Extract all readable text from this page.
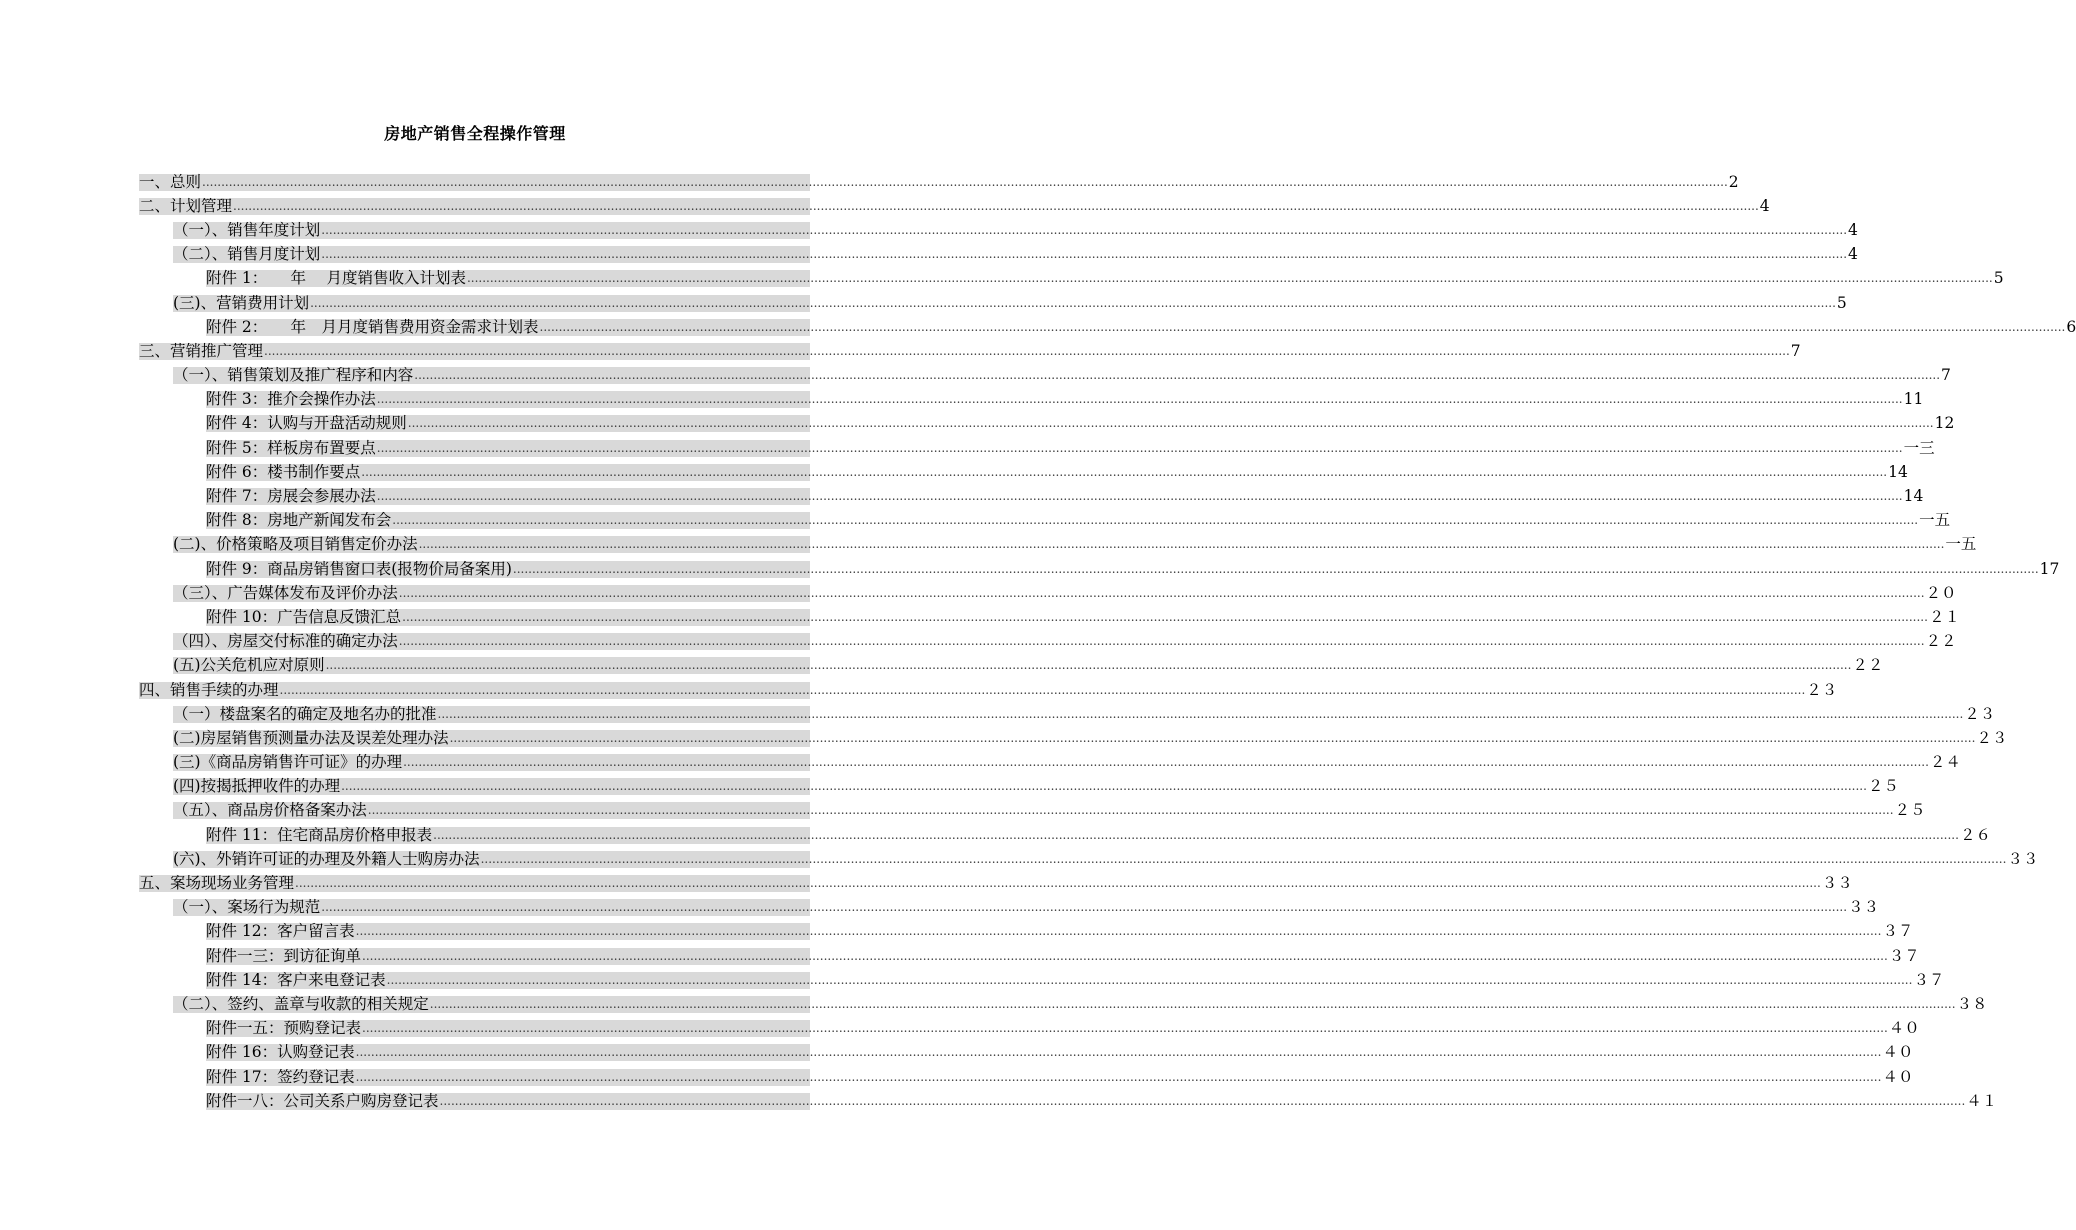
房地产销售全程操作管理
一、总则 ................................................................................................................................................................................................................................................................................................................................................................................................................ 2
二、计划管理 ................................................................................................................................................................................................................................................................................................................................................................................................................ 4
（一）、销售年度计划 ................................................................................................................................................................................................................................................................................................................................................................................................................ 4
（二）、销售月度计划 ................................................................................................................................................................................................................................................................................................................................................................................................................ 4
附件 1：　　年　 月度销售收入计划表 ................................................................................................................................................................................................................................................................................................................................................................................................................ 5
(三)、营销费用计划 ................................................................................................................................................................................................................................................................................................................................................................................................................ 5
附件 2：　　年　月月度销售费用资金需求计划表 ................................................................................................................................................................................................................................................................................................................................................................................................................ 6
三、营销推广管理 ................................................................................................................................................................................................................................................................................................................................................................................................................ 7
（一）、销售策划及推广程序和内容 ................................................................................................................................................................................................................................................................................................................................................................................................................ 7
附件 3：推介会操作办法 ................................................................................................................................................................................................................................................................................................................................................................................................................ 11
附件 4：认购与开盘活动规则 ................................................................................................................................................................................................................................................................................................................................................................................................................ 12
附件 5：样板房布置要点 ................................................................................................................................................................................................................................................................................................................................................................................................................ 一三
附件 6：楼书制作要点 ................................................................................................................................................................................................................................................................................................................................................................................................................ 14
附件 7：房展会参展办法 ................................................................................................................................................................................................................................................................................................................................................................................................................ 14
附件 8：房地产新闻发布会 ................................................................................................................................................................................................................................................................................................................................................................................................................ 一五
(二)、价格策略及项目销售定价办法 ................................................................................................................................................................................................................................................................................................................................................................................................................ 一五
附件 9：商品房销售窗口表(报物价局备案用) ................................................................................................................................................................................................................................................................................................................................................................................................................ 17
（三）、广告媒体发布及评价办法 ................................................................................................................................................................................................................................................................................................................................................................................................................ ２０
附件 10：广告信息反馈汇总 ................................................................................................................................................................................................................................................................................................................................................................................................................ ２１
（四）、房屋交付标准的确定办法 ................................................................................................................................................................................................................................................................................................................................................................................................................ ２２
(五)公关危机应对原则 ................................................................................................................................................................................................................................................................................................................................................................................................................ ２２
四、销售手续的办理 ................................................................................................................................................................................................................................................................................................................................................................................................................ ２３
（一）楼盘案名的确定及地名办的批准 ................................................................................................................................................................................................................................................................................................................................................................................................................ ２３
(二)房屋销售预测量办法及误差处理办法 ................................................................................................................................................................................................................................................................................................................................................................................................................ ２３
(三)《商品房销售许可证》的办理 ................................................................................................................................................................................................................................................................................................................................................................................................................ ２４
(四)按揭抵押收件的办理 ................................................................................................................................................................................................................................................................................................................................................................................................................ ２５
（五）、商品房价格备案办法 ................................................................................................................................................................................................................................................................................................................................................................................................................ ２５
附件 11：住宅商品房价格申报表 ................................................................................................................................................................................................................................................................................................................................................................................................................ ２６
(六)、外销许可证的办理及外籍人士购房办法 ................................................................................................................................................................................................................................................................................................................................................................................................................ ３３
五、案场现场业务管理 ................................................................................................................................................................................................................................................................................................................................................................................................................ ３３
（一）、案场行为规范 ................................................................................................................................................................................................................................................................................................................................................................................................................ ３３
附件 12：客户留言表 ................................................................................................................................................................................................................................................................................................................................................................................................................ ３７
附件一三：到访征询单 ................................................................................................................................................................................................................................................................................................................................................................................................................ ３７
附件 14：客户来电登记表 ................................................................................................................................................................................................................................................................................................................................................................................................................ ３７
（二）、签约、盖章与收款的相关规定 ................................................................................................................................................................................................................................................................................................................................................................................................................ ３８
附件一五：预购登记表 ................................................................................................................................................................................................................................................................................................................................................................................................................ ４０
附件 16：认购登记表 ................................................................................................................................................................................................................................................................................................................................................................................................................ ４０
附件 17：签约登记表 ................................................................................................................................................................................................................................................................................................................................................................................................................ ４０
附件一八：公司关系户购房登记表 ................................................................................................................................................................................................................................................................................................................................................................................................................ ４１
